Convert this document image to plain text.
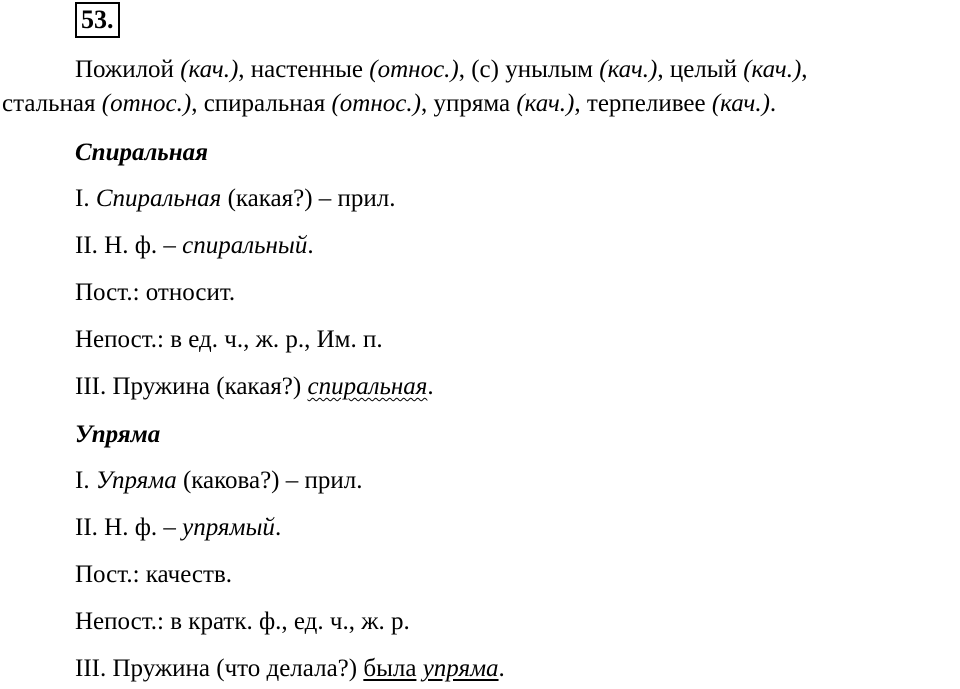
53.
Пожилой (кач.), настенные (относ.), (с) унылым (кач.), целый (кач.),
стальная (относ.), спиральная (относ.), упряма (кач.), терпеливее (кач.).
Спиральная
I. Спиральная (какая?) – прил.
II. Н. ф. – спиральный.
Пост.: относит.
Непост.: в ед. ч., ж. р., Им. п.
III. Пружина (какая?) спиральная.
Упряма
I. Упряма (какова?) – прил.
II. Н. ф. – упрямый.
Пост.: качеств.
Непост.: в кратк. ф., ед. ч., ж. р.
III. Пружина (что делала?) была упряма.
